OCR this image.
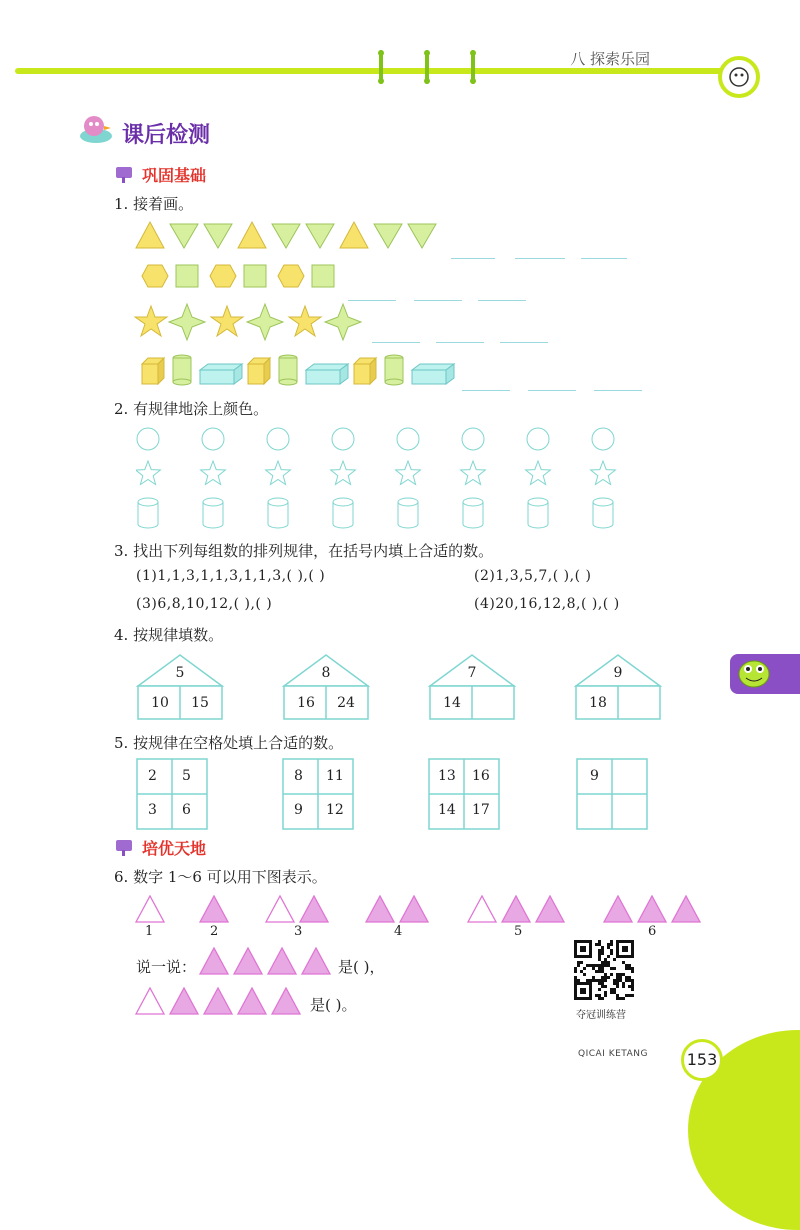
八 探索乐园
课后检测
巩固基础
1. 接着画。
2. 有规律地涂上颜色。
3. 找出下列每组数的排列规律，在括号内填上合适的数。
(1)1,1,3,1,1,3,1,1,3,( ),( )	(2)1,3,5,7,( ),( )
(3)6,8,10,12,( ),( )	(4)20,16,12,8,( ),( )
4. 按规律填数。
5
10	15
8
16	24
7
14
9
18
5. 按规律在空格处填上合适的数。
2 5
3 6
8 11
9 12
13 16
14 17
9
培优天地
6. 数字 1～6 可以用下图表示。
1	2	3	4	5	6
说一说：	是( )，
是( )。
夺冠训练营
QICAI KETANG	153
